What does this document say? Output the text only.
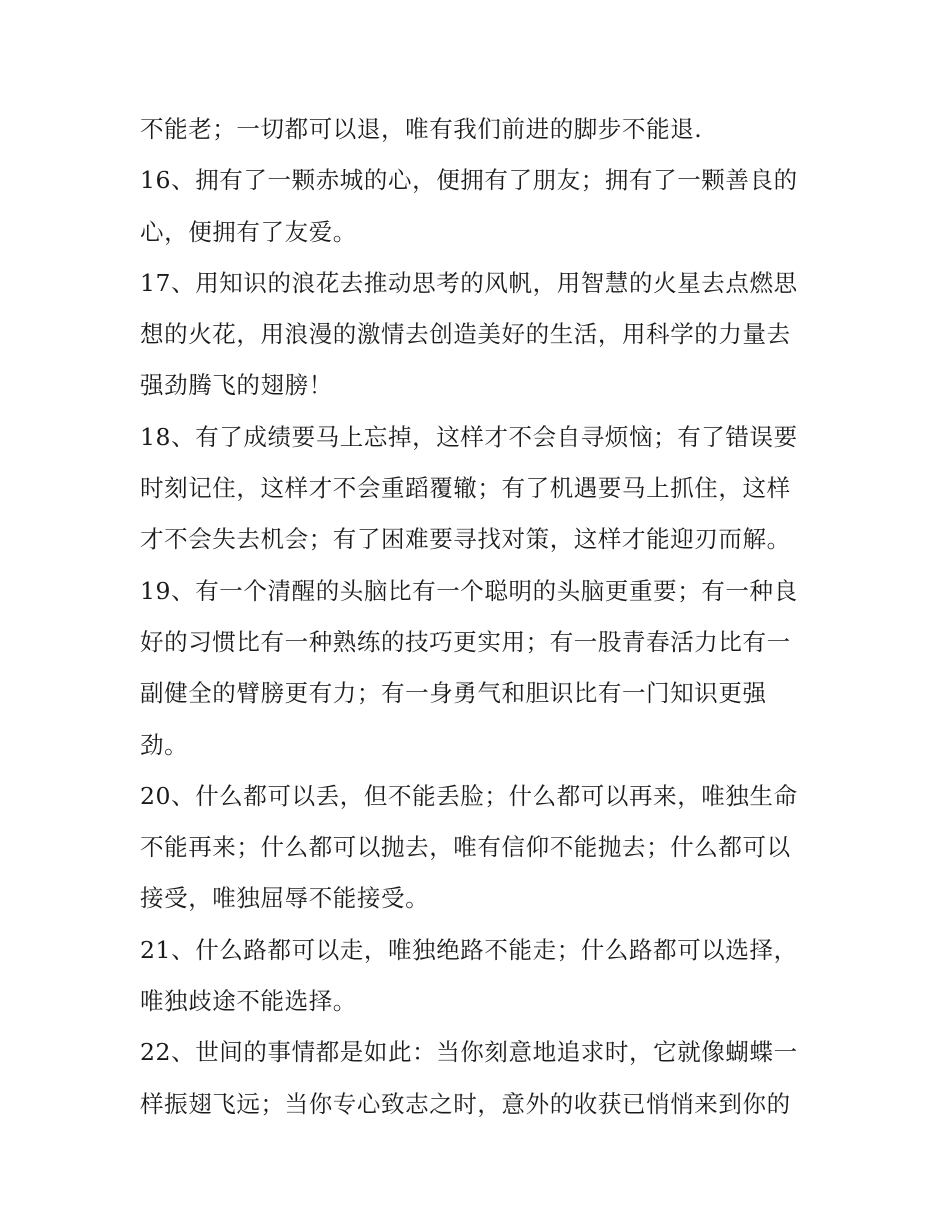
不能老；一切都可以退，唯有我们前进的脚步不能退.
16、拥有了一颗赤城的心，便拥有了朋友；拥有了一颗善良的
心，便拥有了友爱。
17、用知识的浪花去推动思考的风帆，用智慧的火星去点燃思
想的火花，用浪漫的激情去创造美好的生活，用科学的力量去
强劲腾飞的翅膀！
18、有了成绩要马上忘掉，这样才不会自寻烦恼；有了错误要
时刻记住，这样才不会重蹈覆辙；有了机遇要马上抓住，这样
才不会失去机会；有了困难要寻找对策，这样才能迎刃而解。
19、有一个清醒的头脑比有一个聪明的头脑更重要；有一种良
好的习惯比有一种熟练的技巧更实用；有一股青春活力比有一
副健全的臂膀更有力；有一身勇气和胆识比有一门知识更强
劲。
20、什么都可以丢，但不能丢脸；什么都可以再来，唯独生命
不能再来；什么都可以抛去，唯有信仰不能抛去；什么都可以
接受，唯独屈辱不能接受。
21、什么路都可以走，唯独绝路不能走；什么路都可以选择，
唯独歧途不能选择。
22、世间的事情都是如此：当你刻意地追求时，它就像蝴蝶一
样振翅飞远；当你专心致志之时，意外的收获已悄悄来到你的
